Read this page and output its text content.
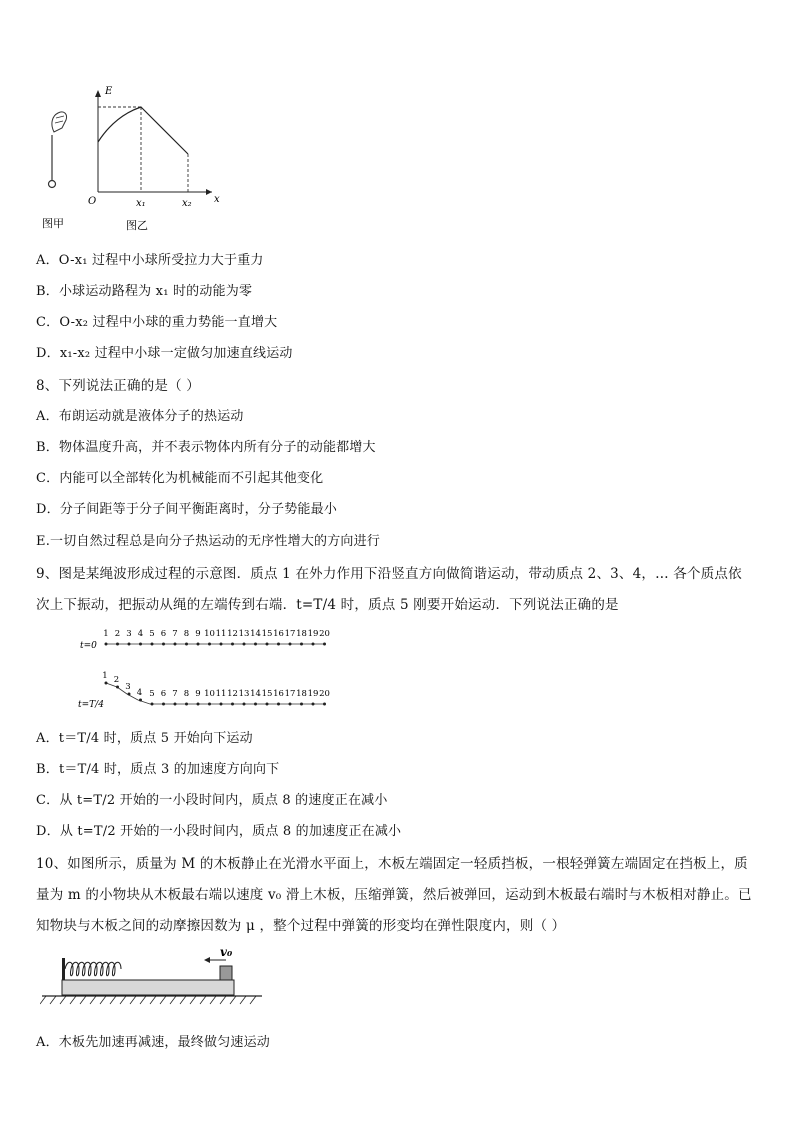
E
x
O	x₁	x₂
图甲	图乙
A．O-x₁ 过程中小球所受拉力大于重力
B．小球运动路程为 x₁ 时的动能为零
C．O-x₂ 过程中小球的重力势能一直增大
D．x₁-x₂ 过程中小球一定做匀加速直线运动
8、下列说法正确的是（ ）
A．布朗运动就是液体分子的热运动
B．物体温度升高，并不表示物体内所有分子的动能都增大
C．内能可以全部转化为机械能而不引起其他变化
D．分子间距等于分子间平衡距离时，分子势能最小
E.一切自然过程总是向分子热运动的无序性增大的方向进行
9、图是某绳波形成过程的示意图．质点 1 在外力作用下沿竖直方向做简谐运动，带动质点 2、3、4，… 各个质点依
次上下振动，把振动从绳的左端传到右端．t=T/4 时，质点 5 刚要开始运动．下列说法正确的是
t=0
t=T/4
1 2 3 4 5 6 7 8 9 10 11 12 13 14 15 16 17 18 19 20
1 2
3
4 5 6 7 8 9 10 11 12 13 14 15 16 17 18 19 20
A．t＝T/4 时，质点 5 开始向下运动
B．t＝T/4 时，质点 3 的加速度方向向下
C．从 t=T/2 开始的一小段时间内，质点 8 的速度正在减小
D．从 t=T/2 开始的一小段时间内，质点 8 的加速度正在减小
10、如图所示，质量为 M 的木板静止在光滑水平面上，木板左端固定一轻质挡板，一根轻弹簧左端固定在挡板上，质
量为 m 的小物块从木板最右端以速度 v₀ 滑上木板，压缩弹簧，然后被弹回，运动到木板最右端时与木板相对静止。已
知物块与木板之间的动摩擦因数为 μ ，整个过程中弹簧的形变均在弹性限度内，则（ ）
v₀
A．木板先加速再减速，最终做匀速运动
